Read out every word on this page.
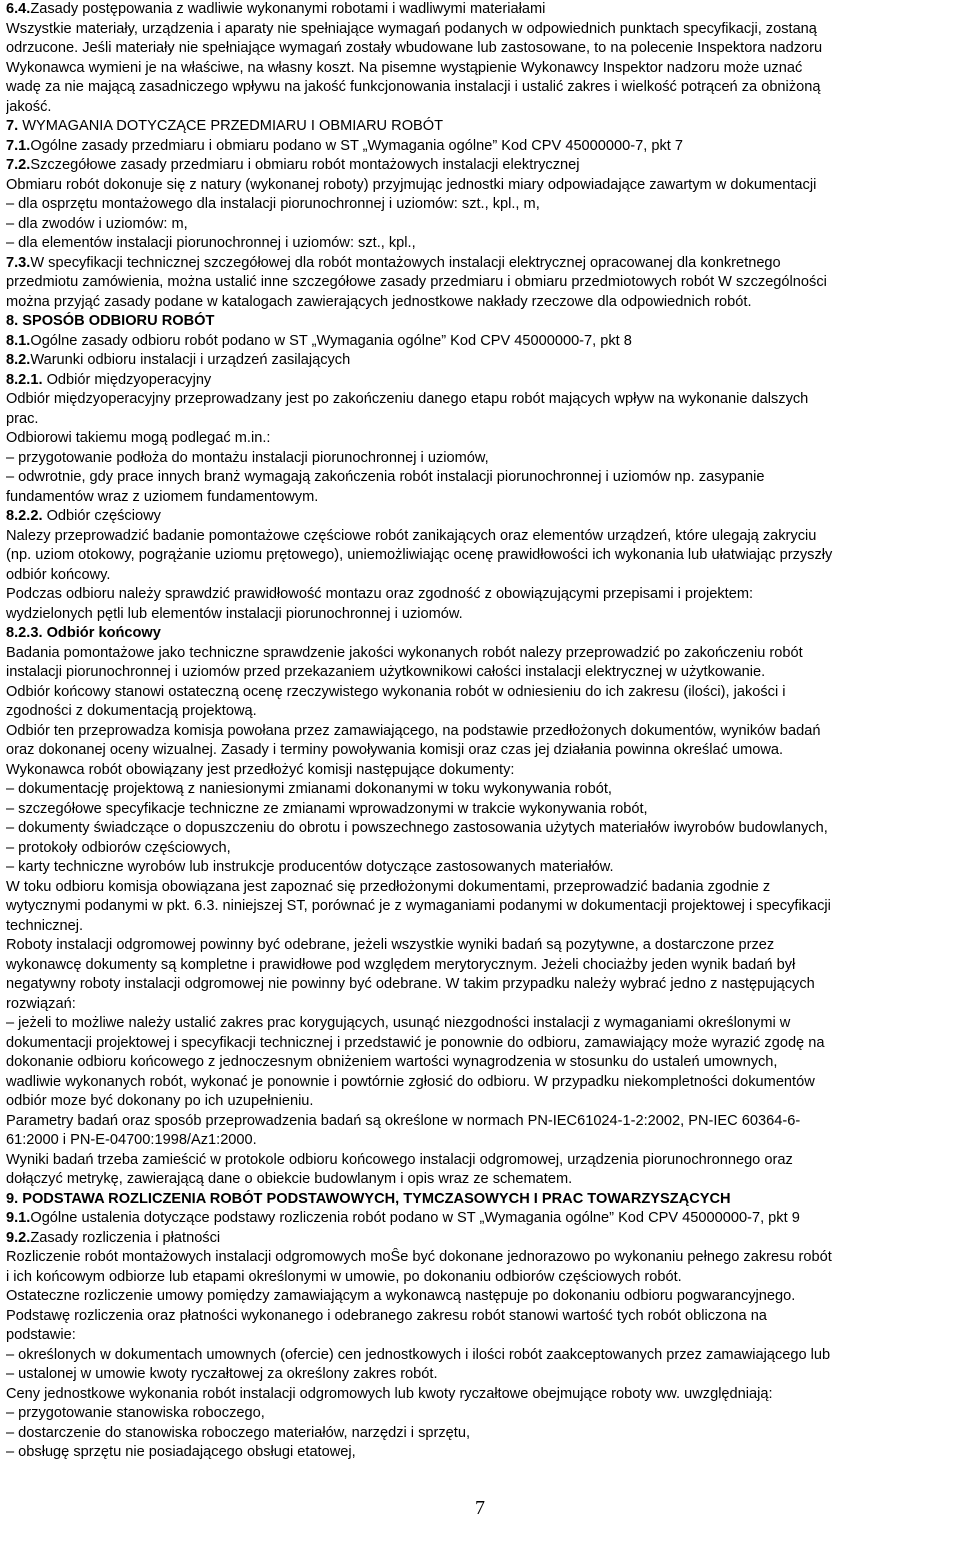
6.4.Zasady postępowania z wadliwie wykonanymi robotami i wadliwymi materiałami
Wszystkie materiały, urządzenia i aparaty nie spełniające wymagań podanych w odpowiednich punktach specyfikacji, zostaną
odrzucone. Jeśli materiały nie spełniające wymagań zostały wbudowane lub zastosowane, to na polecenie Inspektora nadzoru
Wykonawca wymieni je na właściwe, na własny koszt. Na pisemne wystąpienie Wykonawcy Inspektor nadzoru może uznać
wadę za nie mającą zasadniczego wpływu na jakość funkcjonowania instalacji i ustalić zakres i wielkość potrąceń za obniżoną
jakość.
7. WYMAGANIA DOTYCZĄCE PRZEDMIARU I OBMIARU ROBÓT
7.1.Ogólne zasady przedmiaru i obmiaru podano w ST „Wymagania ogólne” Kod CPV 45000000-7, pkt 7
7.2.Szczegółowe zasady przedmiaru i obmiaru robót montażowych instalacji elektrycznej
Obmiaru robót dokonuje się z natury (wykonanej roboty) przyjmując jednostki miary odpowiadające zawartym w dokumentacji
– dla osprzętu montażowego dla instalacji piorunochronnej i uziomów: szt., kpl., m,
– dla zwodów i uziomów: m,
– dla elementów instalacji piorunochronnej i uziomów: szt., kpl.,
7.3.W specyfikacji technicznej szczegółowej dla robót montażowych instalacji elektrycznej opracowanej dla konkretnego
przedmiotu zamówienia, można ustalić inne szczegółowe zasady przedmiaru i obmiaru przedmiotowych robót W szczególności
można przyjąć zasady podane w katalogach zawierających jednostkowe nakłady rzeczowe dla odpowiednich robót.
8. SPOSÓB ODBIORU ROBÓT
8.1.Ogólne zasady odbioru robót podano w ST „Wymagania ogólne” Kod CPV 45000000-7, pkt 8
8.2.Warunki odbioru instalacji i urządzeń zasilających
8.2.1. Odbiór międzyoperacyjny
Odbiór międzyoperacyjny przeprowadzany jest po zakończeniu danego etapu robót mających wpływ na wykonanie dalszych
prac.
Odbiorowi takiemu mogą podlegać m.in.:
– przygotowanie podłoża do montażu instalacji piorunochronnej i uziomów,
– odwrotnie, gdy prace innych branż wymagają zakończenia robót instalacji piorunochronnej i uziomów np. zasypanie
fundamentów wraz z uziomem fundamentowym.
8.2.2. Odbiór częściowy
Nalezy przeprowadzić badanie pomontażowe częściowe robót zanikających oraz elementów urządzeń, które ulegają zakryciu
(np. uziom otokowy, pogrążanie uziomu prętowego), uniemożliwiając ocenę prawidłowości ich wykonania lub ułatwiając przyszły
odbiór końcowy.
Podczas odbioru należy sprawdzić prawidłowość montazu oraz zgodność z obowiązującymi przepisami i projektem:
wydzielonych pętli lub elementów instalacji piorunochronnej i uziomów.
8.2.3. Odbiór końcowy
Badania pomontażowe jako techniczne sprawdzenie jakości wykonanych robót nalezy przeprowadzić po zakończeniu robót
instalacji piorunochronnej i uziomów przed przekazaniem użytkownikowi całości instalacji elektrycznej w użytkowanie.
Odbiór końcowy stanowi ostateczną ocenę rzeczywistego wykonania robót w odniesieniu do ich zakresu (ilości), jakości i
zgodności z dokumentacją projektową.
Odbiór ten przeprowadza komisja powołana przez zamawiającego, na podstawie przedłożonych dokumentów, wyników badań
oraz dokonanej oceny wizualnej. Zasady i terminy powoływania komisji oraz czas jej działania powinna określać umowa.
Wykonawca robót obowiązany jest przedłożyć komisji następujące dokumenty:
– dokumentację projektową z naniesionymi zmianami dokonanymi w toku wykonywania robót,
– szczegółowe specyfikacje techniczne ze zmianami wprowadzonymi w trakcie wykonywania robót,
– dokumenty świadczące o dopuszczeniu do obrotu i powszechnego zastosowania użytych materiałów iwyrobów budowlanych,
– protokoły odbiorów częściowych,
– karty techniczne wyrobów lub instrukcje producentów dotyczące zastosowanych materiałów.
W toku odbioru komisja obowiązana jest zapoznać się przedłożonymi dokumentami, przeprowadzić badania zgodnie z
wytycznymi podanymi w pkt. 6.3. niniejszej ST, porównać je z wymaganiami podanymi w dokumentacji projektowej i specyfikacji
technicznej.
Roboty instalacji odgromowej powinny być odebrane, jeżeli wszystkie wyniki badań są pozytywne, a dostarczone przez
wykonawcę dokumenty są kompletne i prawidłowe pod względem merytorycznym. Jeżeli chociażby jeden wynik badań był
negatywny roboty instalacji odgromowej nie powinny być odebrane. W takim przypadku należy wybrać jedno z następujących
rozwiązań:
– jeżeli to możliwe należy ustalić zakres prac korygujących, usunąć niezgodności instalacji z wymaganiami określonymi w
dokumentacji projektowej i specyfikacji technicznej i przedstawić je ponownie do odbioru, zamawiający może wyrazić zgodę na
dokonanie odbioru końcowego z jednoczesnym obniżeniem wartości wynagrodzenia w stosunku do ustaleń umownych,
wadliwie wykonanych robót, wykonać je ponownie i powtórnie zgłosić do odbioru. W przypadku niekompletności dokumentów
odbiór moze być dokonany po ich uzupełnieniu.
Parametry badań oraz sposób przeprowadzenia badań są określone w normach PN-IEC61024-1-2:2002, PN-IEC 60364-6-
61:2000 i PN-E-04700:1998/Az1:2000.
Wyniki badań trzeba zamieścić w protokole odbioru końcowego instalacji odgromowej, urządzenia piorunochronnego oraz
dołączyć metrykę, zawierającą dane o obiekcie budowlanym i opis wraz ze schematem.
9. PODSTAWA ROZLICZENIA ROBÓT PODSTAWOWYCH, TYMCZASOWYCH I PRAC TOWARZYSZĄCYCH
9.1.Ogólne ustalenia dotyczące podstawy rozliczenia robót podano w ST „Wymagania ogólne” Kod CPV 45000000-7, pkt 9
9.2.Zasady rozliczenia i płatności
Rozliczenie robót montażowych instalacji odgromowych moŜe być dokonane jednorazowo po wykonaniu pełnego zakresu robót
i ich końcowym odbiorze lub etapami określonymi w umowie, po dokonaniu odbiorów częściowych robót.
Ostateczne rozliczenie umowy pomiędzy zamawiającym a wykonawcą następuje po dokonaniu odbioru pogwarancyjnego.
Podstawę rozliczenia oraz płatności wykonanego i odebranego zakresu robót stanowi wartość tych robót obliczona na
podstawie:
– określonych w dokumentach umownych (ofercie) cen jednostkowych i ilości robót zaakceptowanych przez zamawiającego lub
– ustalonej w umowie kwoty ryczałtowej za określony zakres robót.
Ceny jednostkowe wykonania robót instalacji odgromowych lub kwoty ryczałtowe obejmujące roboty ww. uwzględniają:
– przygotowanie stanowiska roboczego,
– dostarczenie do stanowiska roboczego materiałów, narzędzi i sprzętu,
– obsługę sprzętu nie posiadającego obsługi etatowej,
7
